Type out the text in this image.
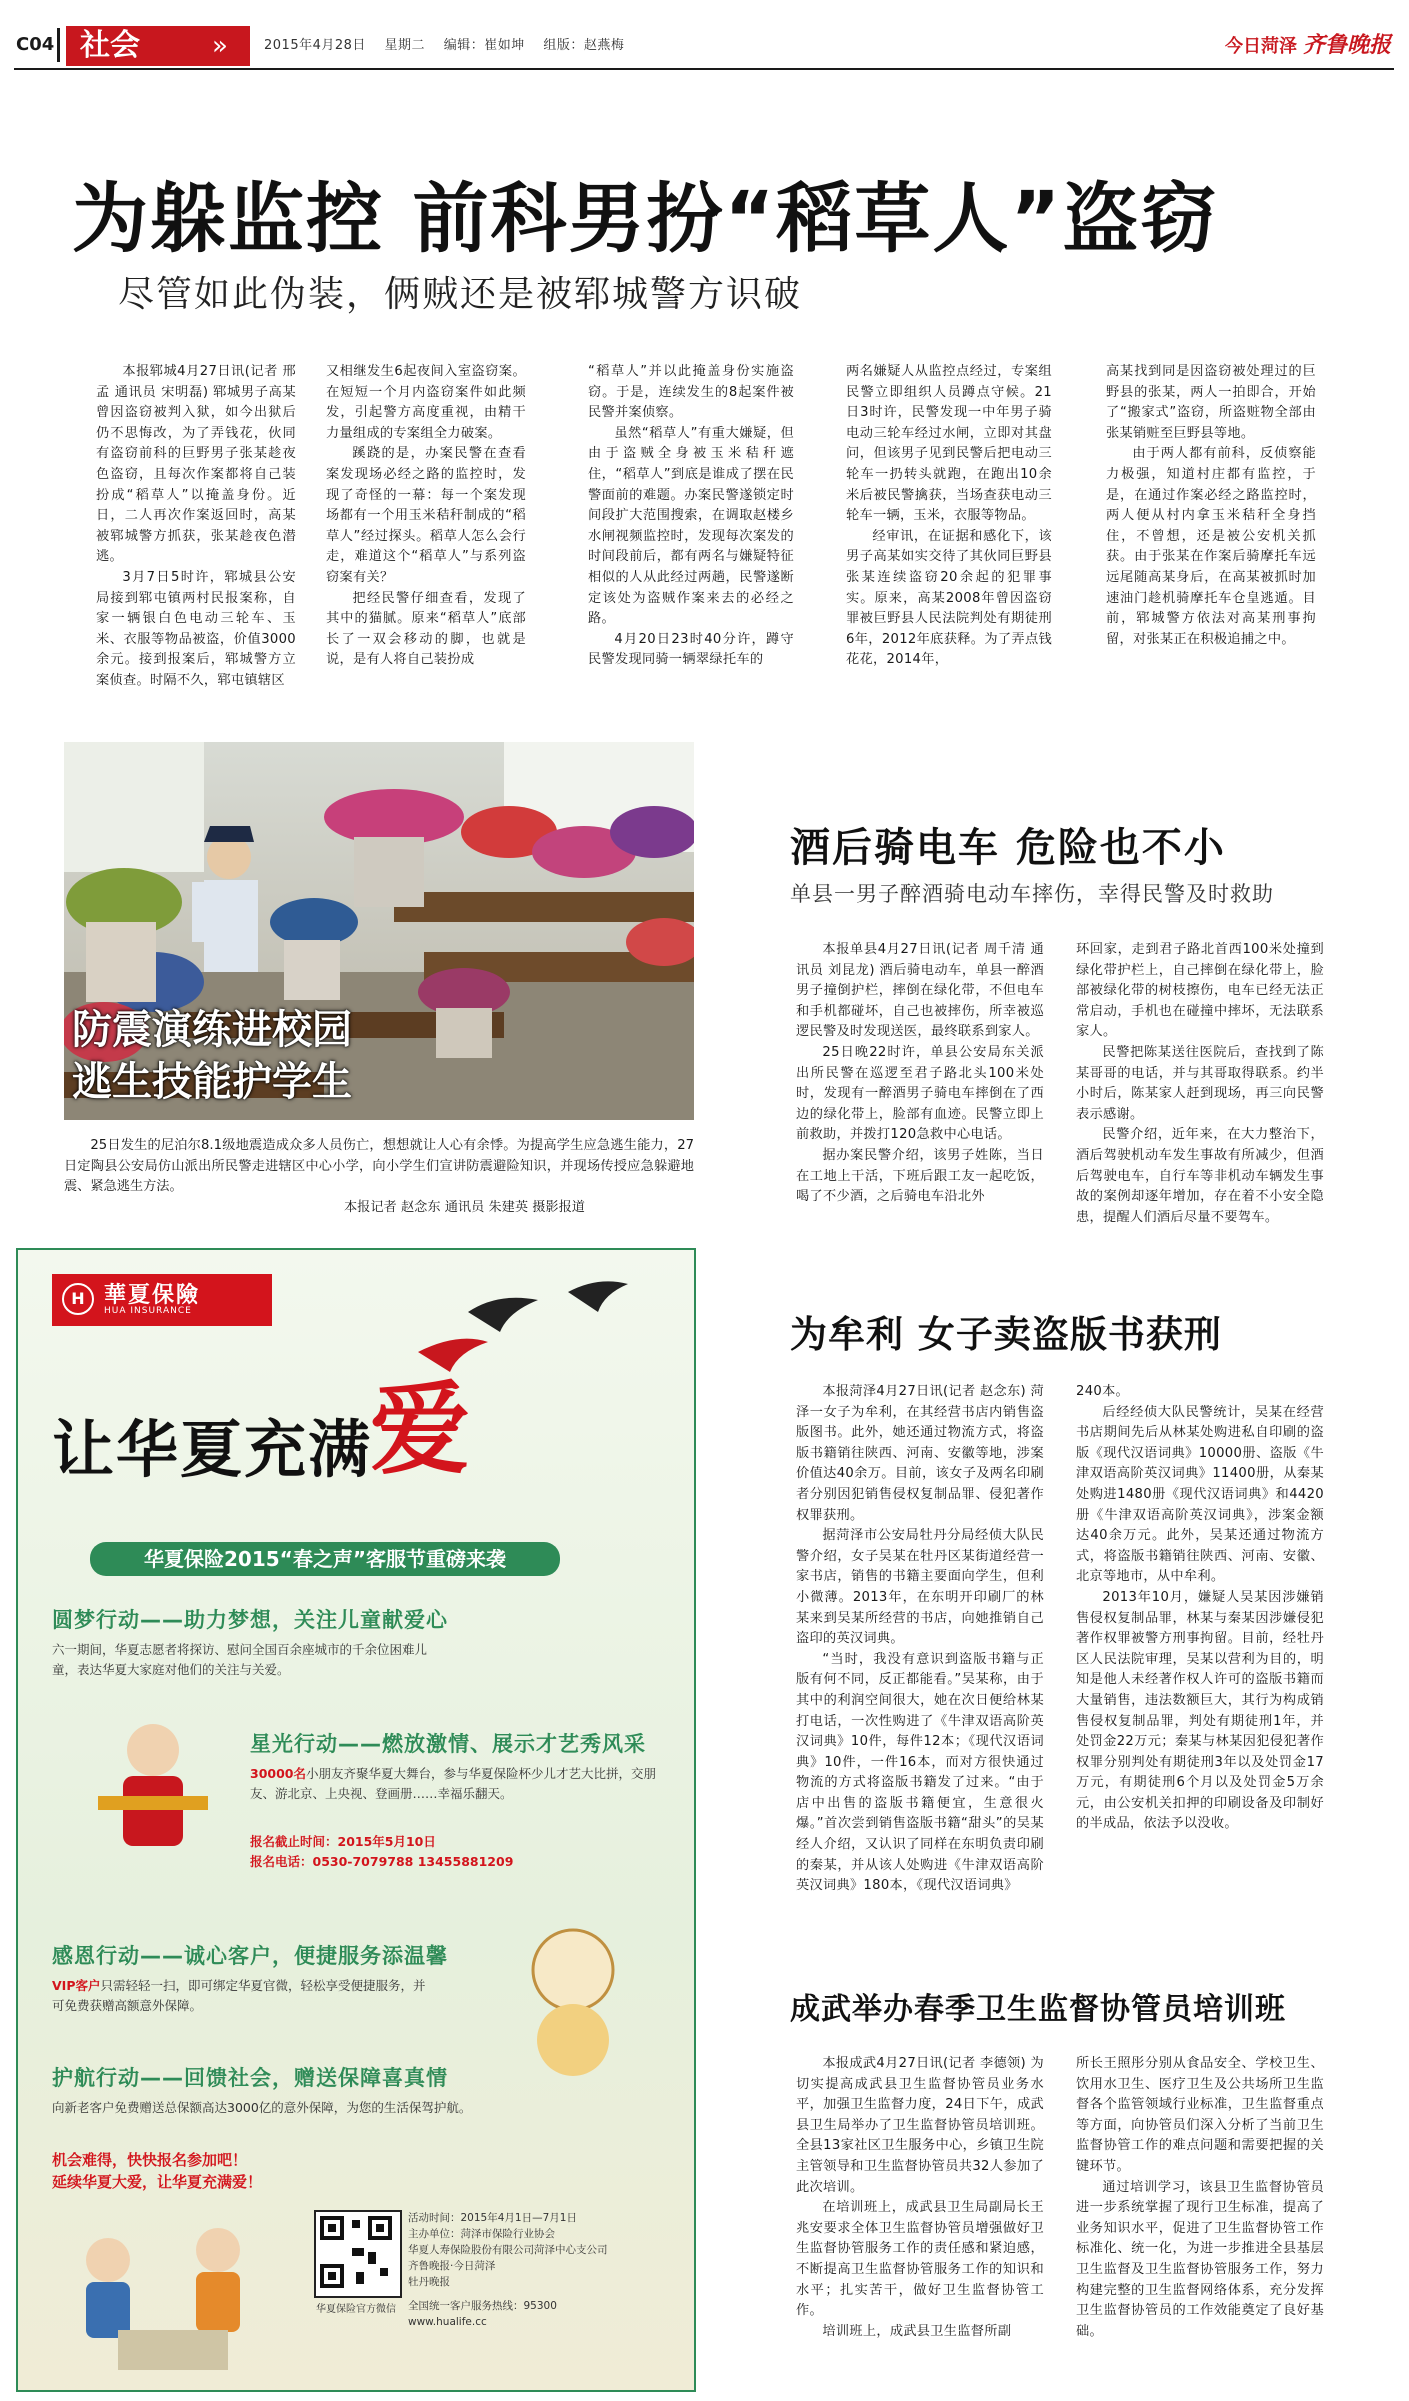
C04 社会	»	2015年4月28日 星期二 编辑：崔如坤 组版：赵燕梅	今日菏泽 齐鲁晚报
为躲监控 前科男扮“稻草人”盗窃
尽管如此伪装，俩贼还是被郓城警方识破

本报郓城4月27日讯(记者 邢孟 通讯员 宋明磊) 郓城男子高某曾因盗窃被判入狱，如今出狱后仍不思悔改，为了弄钱花，伙同有盗窃前科的巨野男子张某趁夜色盗窃，且每次作案都将自己装扮成“稻草人”以掩盖身份。近日，二人再次作案返回时，高某被郓城警方抓获，张某趁夜色潜逃。

3月7日5时许，郓城县公安局接到郓屯镇两村民报案称，自家一辆银白色电动三轮车、玉米、衣服等物品被盗，价值3000余元。接到报案后，郓城警方立案侦查。时隔不久，郓屯镇辖区

又相继发生6起夜间入室盗窃案。在短短一个月内盗窃案件如此频发，引起警方高度重视，由精干力量组成的专案组全力破案。

蹊跷的是，办案民警在查看案发现场必经之路的监控时，发现了奇怪的一幕：每一个案发现场都有一个用玉米秸秆制成的“稻草人”经过探头。稻草人怎么会行走，难道这个“稻草人”与系列盗窃案有关？

把经民警仔细查看，发现了其中的猫腻。原来“稻草人”底部长了一双会移动的脚，也就是说，是有人将自己装扮成

“稻草人”并以此掩盖身份实施盗窃。于是，连续发生的8起案件被民警并案侦察。

虽然“稻草人”有重大嫌疑，但由于盗贼全身被玉米秸秆遮住，“稻草人”到底是谁成了摆在民警面前的难题。办案民警遂锁定时间段扩大范围搜索，在调取赵楼乡水闸视频监控时，发现每次案发的时间段前后，都有两名与嫌疑特征相似的人从此经过两趟，民警遂断定该处为盗贼作案来去的必经之路。

4月20日23时40分许，蹲守民警发现同骑一辆翠绿托车的

两名嫌疑人从监控点经过，专案组民警立即组织人员蹲点守候。21日3时许，民警发现一中年男子骑电动三轮车经过水闸，立即对其盘问，但该男子见到民警后把电动三轮车一扔转头就跑，在跑出10余米后被民警擒获，当场查获电动三轮车一辆，玉米，衣服等物品。

经审讯，在证据和感化下，该男子高某如实交待了其伙同巨野县张某连续盗窃20余起的犯罪事实。原来，高某2008年曾因盗窃罪被巨野县人民法院判处有期徒刑6年，2012年底获释。为了弄点钱花花，2014年，

高某找到同是因盗窃被处理过的巨野县的张某，两人一拍即合，开始了“搬家式”盗窃，所盗赃物全部由张某销赃至巨野县等地。

由于两人都有前科，反侦察能力极强，知道村庄都有监控，于是，在通过作案必经之路监控时，两人便从村内拿玉米秸秆全身挡住，不曾想，还是被公安机关抓获。由于张某在作案后骑摩托车远远尾随高某身后，在高某被抓时加速油门趁机骑摩托车仓皇逃遁。目前，郓城警方依法对高某刑事拘留，对张某正在积极追捕之中。

防震演练进校园
逃生技能护学生

25日发生的尼泊尔8.1级地震造成众多人员伤亡，想想就让人心有余悸。为提高学生应急逃生能力，27日定陶县公安局仿山派出所民警走进辖区中心小学，向小学生们宣讲防震避险知识，并现场传授应急躲避地震、紧急逃生方法。

本报记者 赵念东 通讯员 朱建英 摄影报道

H 華夏保險
HUA INSURANCE
让华夏充满
爱
华夏保险2015“春之声”客服节重磅来袭
圆梦行动——助力梦想，关注儿童献爱心
六一期间，华夏志愿者将探访、慰问全国百余座城市的千余位困难儿童，表达华夏大家庭对他们的关注与关爱。
星光行动——燃放激情、展示才艺秀风采
30000名小朋友齐聚华夏大舞台，参与华夏保险杯少儿才艺大比拼，交朋友、游北京、上央视、登画册……幸福乐翻天。
报名截止时间：2015年5月10日
报名电话：0530-7079788 13455881209
感恩行动——诚心客户，便捷服务添温馨
VIP客户只需轻轻一扫，即可绑定华夏官微，轻松享受便捷服务，并可免费获赠高额意外保障。
护航行动——回馈社会，赠送保障喜真情
向新老客户免费赠送总保额高达3000亿的意外保障，为您的生活保驾护航。
机会难得，快快报名参加吧！
延续华夏大爱，让华夏充满爱！
华夏保险官方微信
活动时间：2015年4月1日—7月1日
主办单位：菏泽市保险行业协会
华夏人寿保险股份有限公司菏泽中心支公司
齐鲁晚报·今日菏泽
牡丹晚报
全国统一客户服务热线：95300
www.hualife.cc
酒后骑电车 危险也不小
单县一男子醉酒骑电动车摔伤，幸得民警及时救助

本报单县4月27日讯(记者 周千清 通讯员 刘昆龙) 酒后骑电动车，单县一醉酒男子撞倒护栏，摔倒在绿化带，不但电车和手机都碰坏，自己也被摔伤，所幸被巡逻民警及时发现送医，最终联系到家人。

25日晚22时许，单县公安局东关派出所民警在巡逻至君子路北头100米处时，发现有一醉酒男子骑电车摔倒在了西边的绿化带上，脸部有血迹。民警立即上前救助，并拨打120急救中心电话。

据办案民警介绍，该男子姓陈，当日在工地上干活，下班后跟工友一起吃饭，喝了不少酒，之后骑电车沿北外

环回家，走到君子路北首西100米处撞到绿化带护栏上，自己摔倒在绿化带上，脸部被绿化带的树枝擦伤，电车已经无法正常启动，手机也在碰撞中摔坏，无法联系家人。

民警把陈某送往医院后，查找到了陈某哥哥的电话，并与其哥取得联系。约半小时后，陈某家人赶到现场，再三向民警表示感谢。

民警介绍，近年来，在大力整治下，酒后驾驶机动车发生事故有所减少，但酒后驾驶电车，自行车等非机动车辆发生事故的案例却逐年增加，存在着不小安全隐患，提醒人们酒后尽量不要驾车。

为牟利 女子卖盗版书获刑

本报菏泽4月27日讯(记者 赵念东) 菏泽一女子为牟利，在其经营书店内销售盗版图书。此外，她还通过物流方式，将盗版书籍销往陕西、河南、安徽等地，涉案价值达40余万。目前，该女子及两名印刷者分别因犯销售侵权复制品罪、侵犯著作权罪获刑。

据菏泽市公安局牡丹分局经侦大队民警介绍，女子吴某在牡丹区某街道经营一家书店，销售的书籍主要面向学生，但利小微薄。2013年，在东明开印刷厂的林某来到吴某所经营的书店，向她推销自己盗印的英汉词典。

“当时，我没有意识到盗版书籍与正版有何不同，反正都能看。”吴某称，由于其中的利润空间很大，她在次日便给林某打电话，一次性购进了《牛津双语高阶英汉词典》10件，每件12本；《现代汉语词典》10件，一件16本，而对方很快通过物流的方式将盗版书籍发了过来。“由于店中出售的盗版书籍便宜，生意很火爆。”首次尝到销售盗版书籍“甜头”的吴某经人介绍，又认识了同样在东明负责印刷的秦某，并从该人处购进《牛津双语高阶英汉词典》180本，《现代汉语词典》

240本。

后经经侦大队民警统计，吴某在经营书店期间先后从林某处购进私自印刷的盗版《现代汉语词典》10000册、盗版《牛津双语高阶英汉词典》11400册，从秦某处购进1480册《现代汉语词典》和4420册《牛津双语高阶英汉词典》，涉案金额达40余万元。此外，吴某还通过物流方式，将盗版书籍销往陕西、河南、安徽、北京等地市，从中牟利。

2013年10月，嫌疑人吴某因涉嫌销售侵权复制品罪，林某与秦某因涉嫌侵犯著作权罪被警方刑事拘留。目前，经牡丹区人民法院审理，吴某以营利为目的，明知是他人未经著作权人许可的盗版书籍而大量销售，违法数额巨大，其行为构成销售侵权复制品罪，判处有期徒刑1年，并处罚金22万元；秦某与林某因犯侵犯著作权罪分别判处有期徒刑3年以及处罚金17万元，有期徒刑6个月以及处罚金5万余元，由公安机关扣押的印刷设备及印制好的半成品，依法予以没收。

成武举办春季卫生监督协管员培训班

本报成武4月27日讯(记者 李德领) 为切实提高成武县卫生监督协管员业务水平，加强卫生监督力度，24日下午，成武县卫生局举办了卫生监督协管员培训班。全县13家社区卫生服务中心，乡镇卫生院主管领导和卫生监督协管员共32人参加了此次培训。

在培训班上，成武县卫生局副局长王兆安要求全体卫生监督协管员增强做好卫生监督协管服务工作的责任感和紧迫感，不断提高卫生监督协管服务工作的知识和水平；扎实苦干，做好卫生监督协管工作。

培训班上，成武县卫生监督所副

所长王照彤分别从食品安全、学校卫生、饮用水卫生、医疗卫生及公共场所卫生监督各个监管领域行业标准，卫生监督重点等方面，向协管员们深入分析了当前卫生监督协管工作的难点问题和需要把握的关键环节。

通过培训学习，该县卫生监督协管员进一步系统掌握了现行卫生标准，提高了业务知识水平，促进了卫生监督协管工作标准化、统一化，为进一步推进全县基层卫生监督及卫生监督协管服务工作，努力构建完整的卫生监督网络体系，充分发挥卫生监督协管员的工作效能奠定了良好基础。
